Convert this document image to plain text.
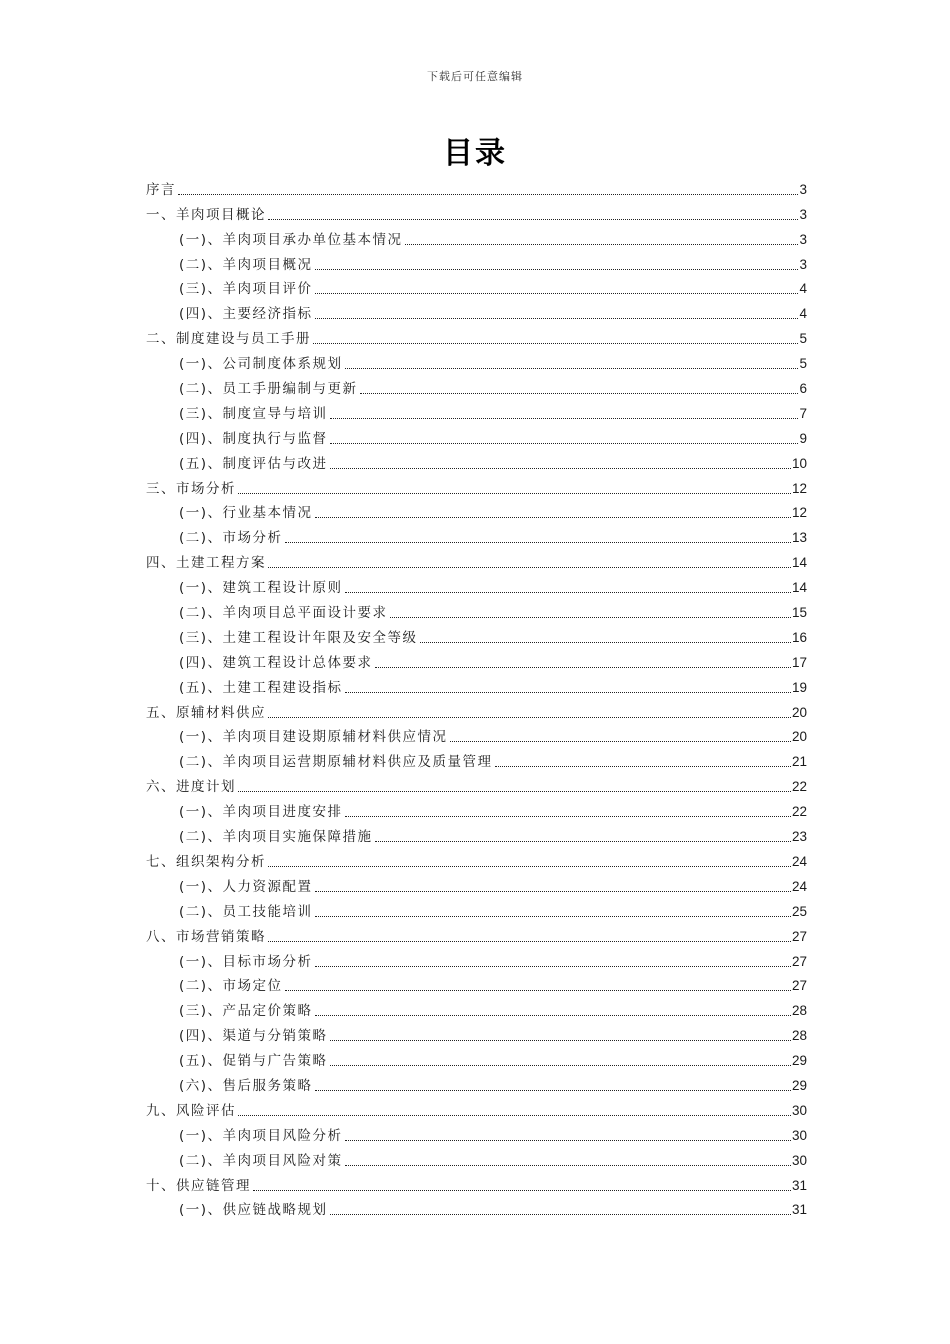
下载后可任意编辑
目录
序言	3
一、羊肉项目概论	3
(一)、羊肉项目承办单位基本情况	3
(二)、羊肉项目概况	3
(三)、羊肉项目评价	4
(四)、主要经济指标	4
二、制度建设与员工手册	5
(一)、公司制度体系规划	5
(二)、员工手册编制与更新	6
(三)、制度宣导与培训	7
(四)、制度执行与监督	9
(五)、制度评估与改进	10
三、市场分析	12
(一)、行业基本情况	12
(二)、市场分析	13
四、土建工程方案	14
(一)、建筑工程设计原则	14
(二)、羊肉项目总平面设计要求	15
(三)、土建工程设计年限及安全等级	16
(四)、建筑工程设计总体要求	17
(五)、土建工程建设指标	19
五、原辅材料供应	20
(一)、羊肉项目建设期原辅材料供应情况	20
(二)、羊肉项目运营期原辅材料供应及质量管理	21
六、进度计划	22
(一)、羊肉项目进度安排	22
(二)、羊肉项目实施保障措施	23
七、组织架构分析	24
(一)、人力资源配置	24
(二)、员工技能培训	25
八、市场营销策略	27
(一)、目标市场分析	27
(二)、市场定位	27
(三)、产品定价策略	28
(四)、渠道与分销策略	28
(五)、促销与广告策略	29
(六)、售后服务策略	29
九、风险评估	30
(一)、羊肉项目风险分析	30
(二)、羊肉项目风险对策	30
十、供应链管理	31
(一)、供应链战略规划	31
